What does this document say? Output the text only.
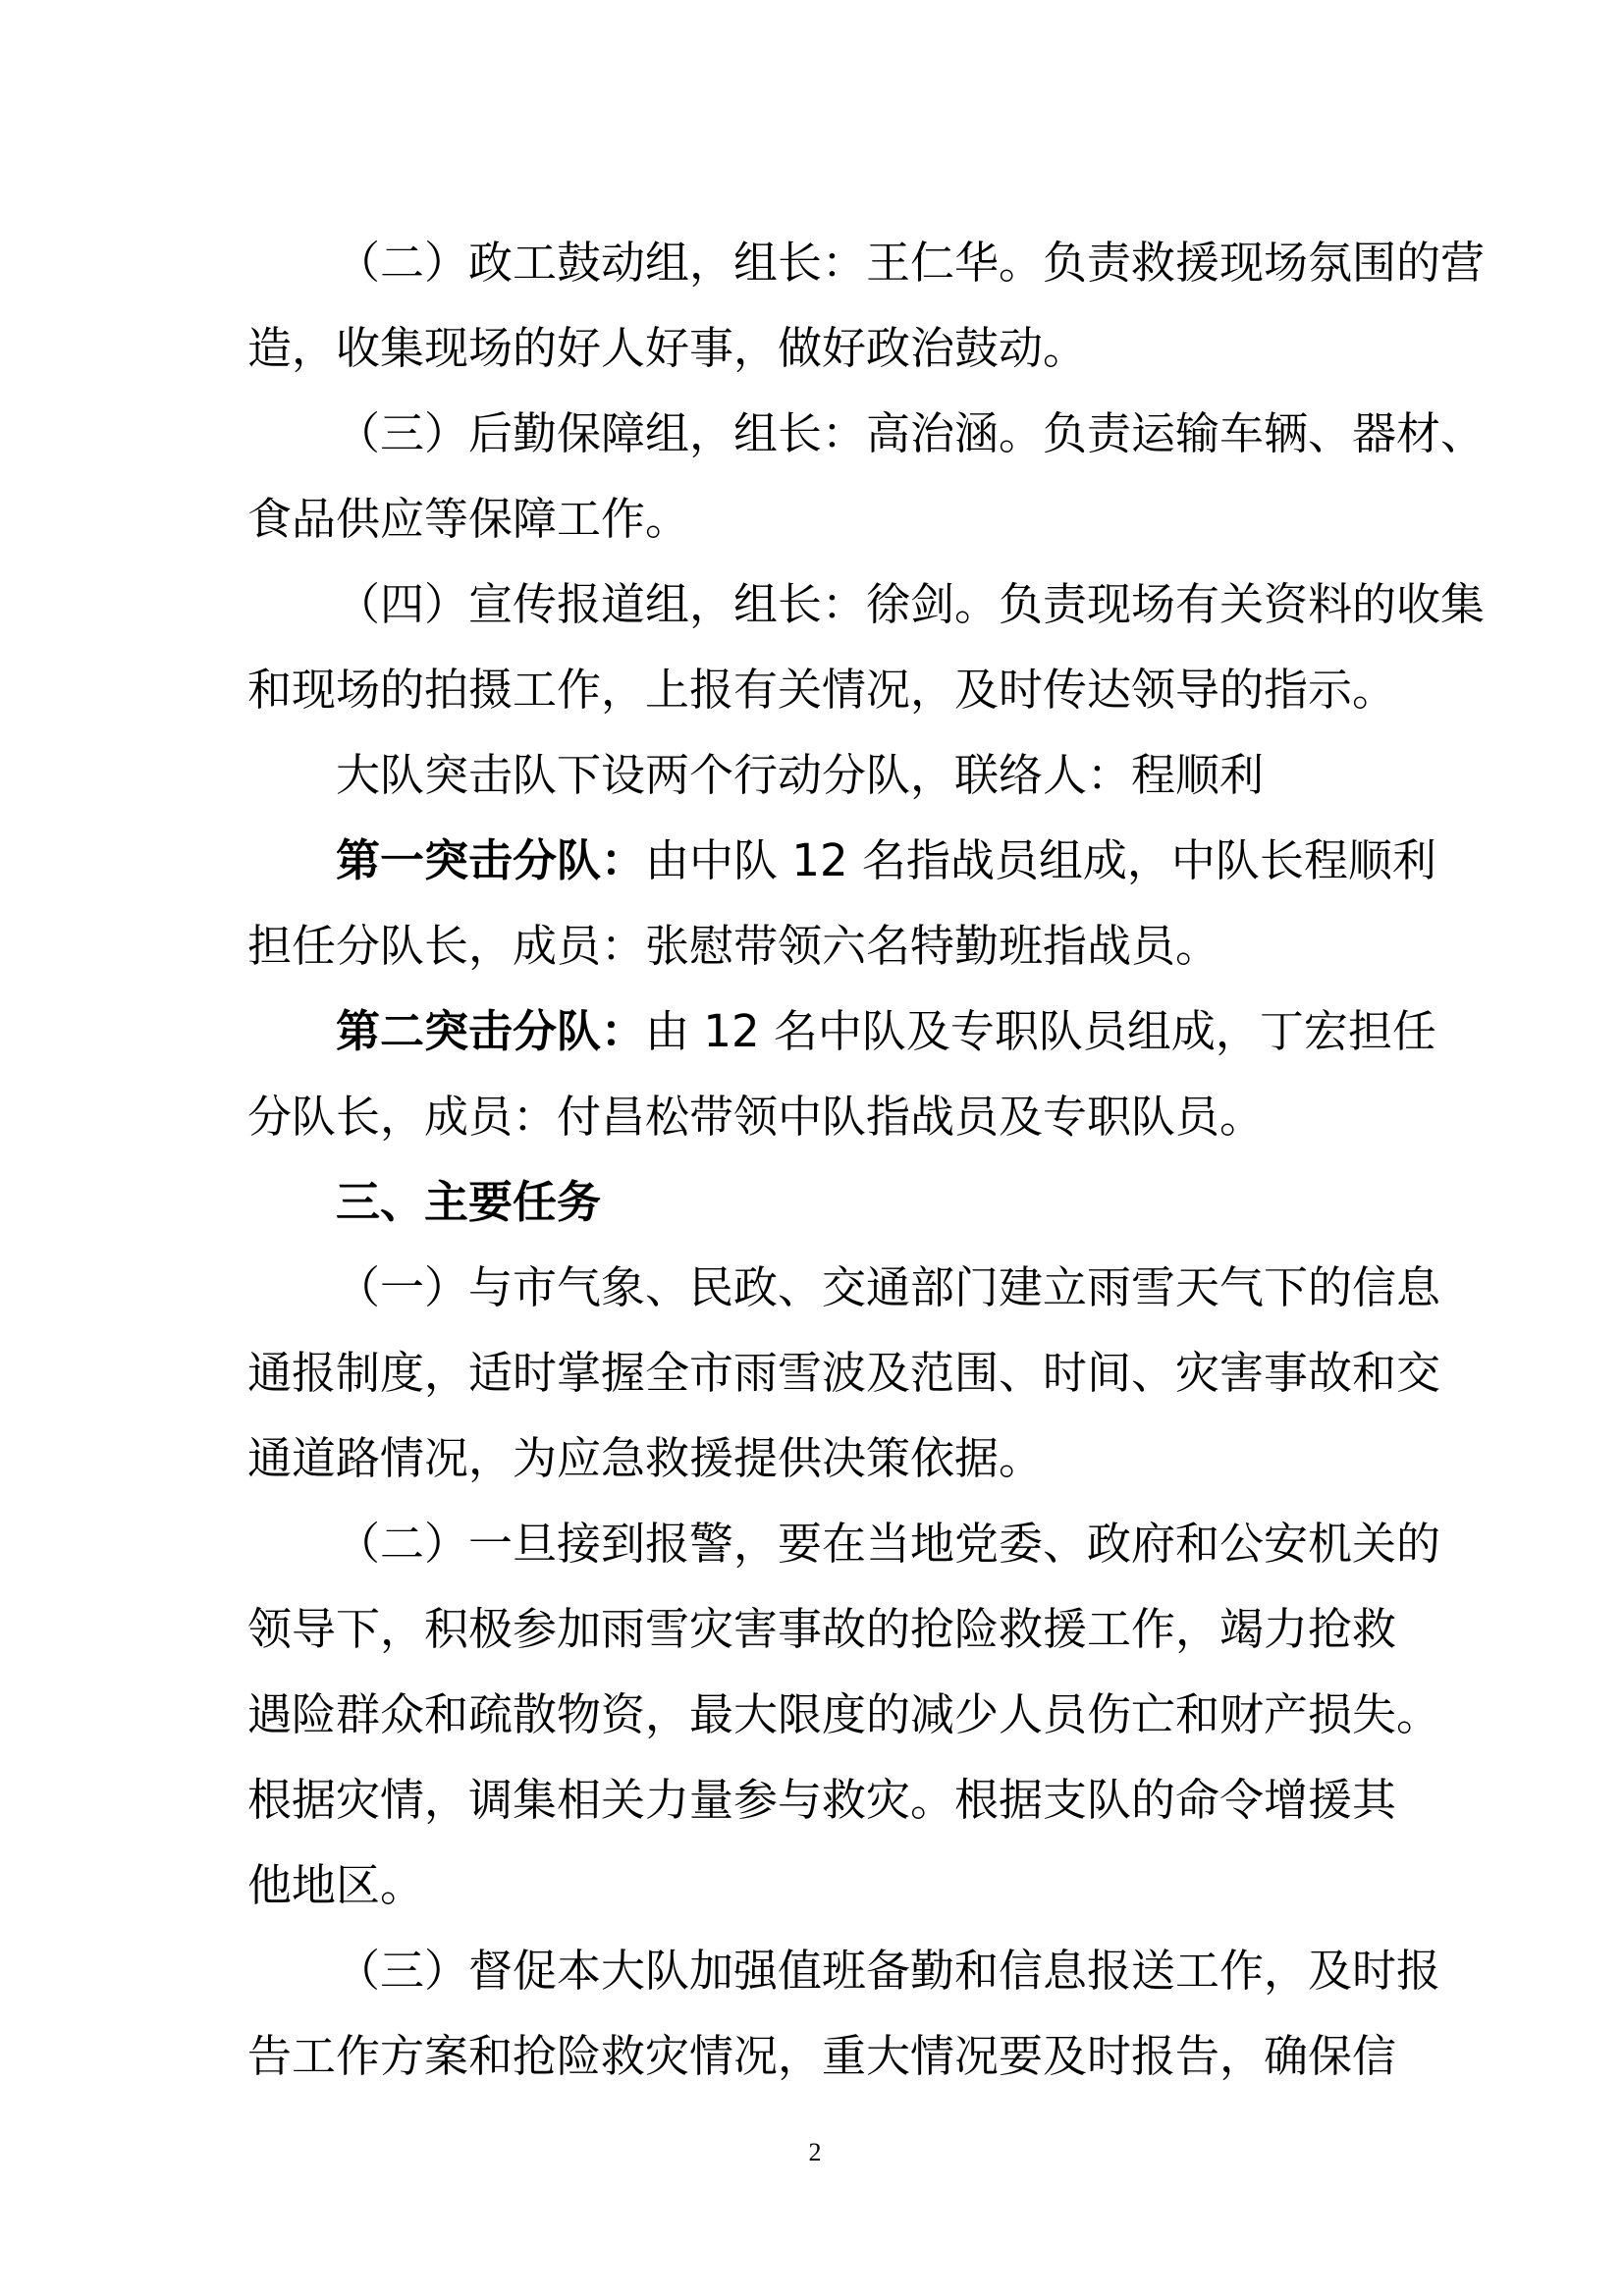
（二）政工鼓动组，组长：王仁华。负责救援现场氛围的营
造，收集现场的好人好事，做好政治鼓动。
（三）后勤保障组，组长：高治涵。负责运输车辆、器材、
食品供应等保障工作。
（四）宣传报道组，组长：徐剑。负责现场有关资料的收集
和现场的拍摄工作，上报有关情况，及时传达领导的指示。
大队突击队下设两个行动分队，联络人：程顺利
第一突击分队： 由中队 12 名指战员组成，中队长程顺利
担任分队长，成员：张慰带领六名特勤班指战员。
第二突击分队： 由 12 名中队及专职队员组成，丁宏担任
分队长，成员：付昌松带领中队指战员及专职队员。
三、主要任务
（一）与市气象、民政、交通部门建立雨雪天气下的信息
通报制度，适时掌握全市雨雪波及范围、时间、灾害事故和交
通道路情况，为应急救援提供决策依据。
（二）一旦接到报警，要在当地党委、政府和公安机关的
领导下，积极参加雨雪灾害事故的抢险救援工作，竭力抢救
遇险群众和疏散物资，最大限度的减少人员伤亡和财产损失。
根据灾情，调集相关力量参与救灾。根据支队的命令增援其
他地区。
（三）督促本大队加强值班备勤和信息报送工作，及时报
告工作方案和抢险救灾情况，重大情况要及时报告，确保信
2
